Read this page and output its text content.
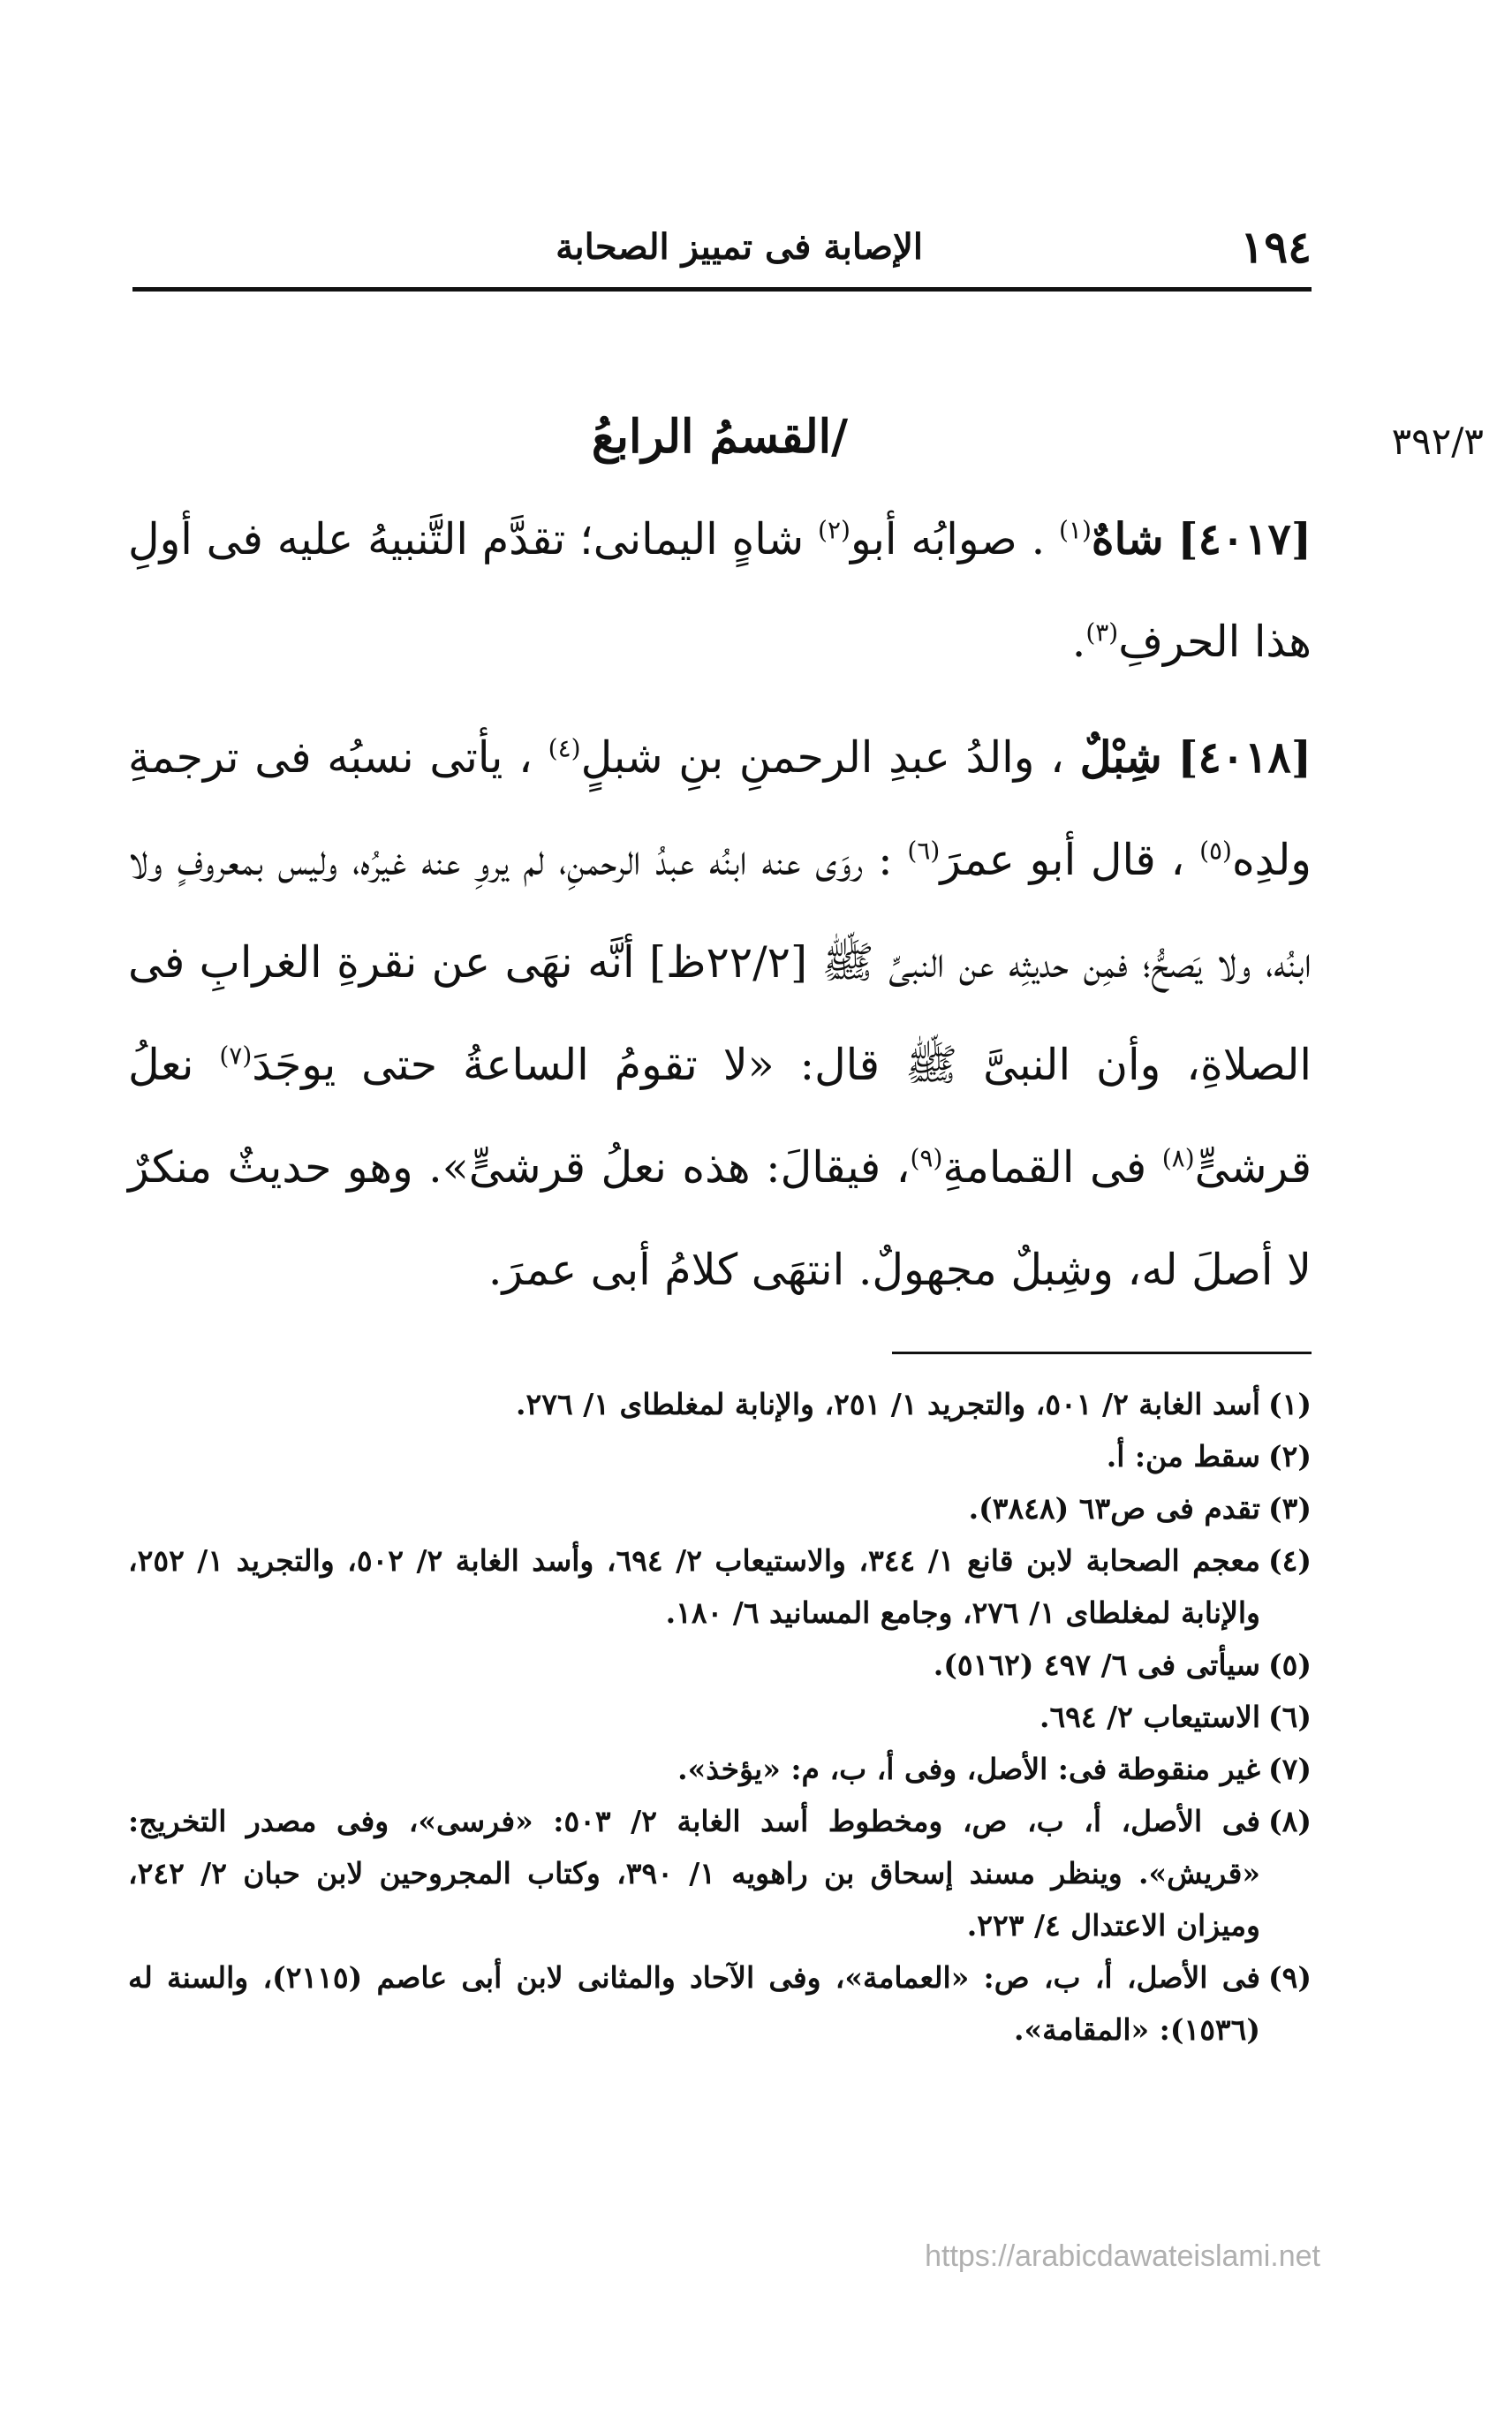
١٩٤
الإصابة فى تمييز الصحابة
٣٩٢/٣
/القسمُ الرابعُ

[٤٠١٧] شاهٌ$^{(١)}$ . صوابُه أبو$^{(٢)}$ شاهٍ اليمانى؛ تقدَّم التَّنبيهُ عليه فى أولِ هذا الحرفِ$^{(٣)}$.

[٤٠١٨] شِبْلٌ ، والدُ عبدِ الرحمنِ بنِ شبلٍ$^{(٤)}$ ، يأتى نسبُه فى ترجمةِ ولدِه$^{(٥)}$ ، قال أبو عمرَ$^{(٦)}$ : روَى عنه ابنُه عبدُ الرحمنِ، لم يروِ عنه غيرُه، وليس بمعروفٍ ولا ابنُه، ولا يَصحُّ؛ فمِن حديثِه عن النبىِّ ﷺ [٢٢/٢ظ] أنَّه نهَى عن نقرةِ الغرابِ فى الصلاةِ، وأن النبىَّ ﷺ قال: «لا تقومُ الساعةُ حتى يوجَدَ$^{(٧)}$ نعلُ قرشىٍّ$^{(٨)}$ فى القمامةِ$^{(٩)}$، فيقالَ: هذه نعلُ قرشىٍّ». وهو حديثٌ منكرٌ لا أصلَ له، وشِبلٌ مجهولٌ. انتهَى كلامُ أبى عمرَ.

(١)أسد الغابة ٢/ ٥٠١، والتجريد ١/ ٢٥١، والإنابة لمغلطاى ١/ ٢٧٦.

(٢)سقط من: أ.

(٣)تقدم فى ص٦٣ (٣٨٤٨).

(٤)معجم الصحابة لابن قانع ١/ ٣٤٤، والاستيعاب ٢/ ٦٩٤، وأسد الغابة ٢/ ٥٠٢، والتجريد ١/ ٢٥٢، والإنابة لمغلطاى ١/ ٢٧٦، وجامع المسانيد ٦/ ١٨٠.

(٥)سيأتى فى ٦/ ٤٩٧ (٥١٦٢).

(٦)الاستيعاب ٢/ ٦٩٤.

(٧)غير منقوطة فى: الأصل، وفى أ، ب، م: «يؤخذ».

(٨)فى الأصل، أ، ب، ص، ومخطوط أسد الغابة ٢/ ٥٠٣: «فرسى»، وفى مصدر التخريج: «قريش». وينظر مسند إسحاق بن راهويه ١/ ٣٩٠، وكتاب المجروحين لابن حبان ٢/ ٢٤٢، وميزان الاعتدال ٤/ ٢٢٣.

(٩)فى الأصل، أ، ب، ص: «العمامة»، وفى الآحاد والمثانى لابن أبى عاصم (٢١١٥)، والسنة له (١٥٣٦): «المقامة».

https://arabicdawateislami.net
